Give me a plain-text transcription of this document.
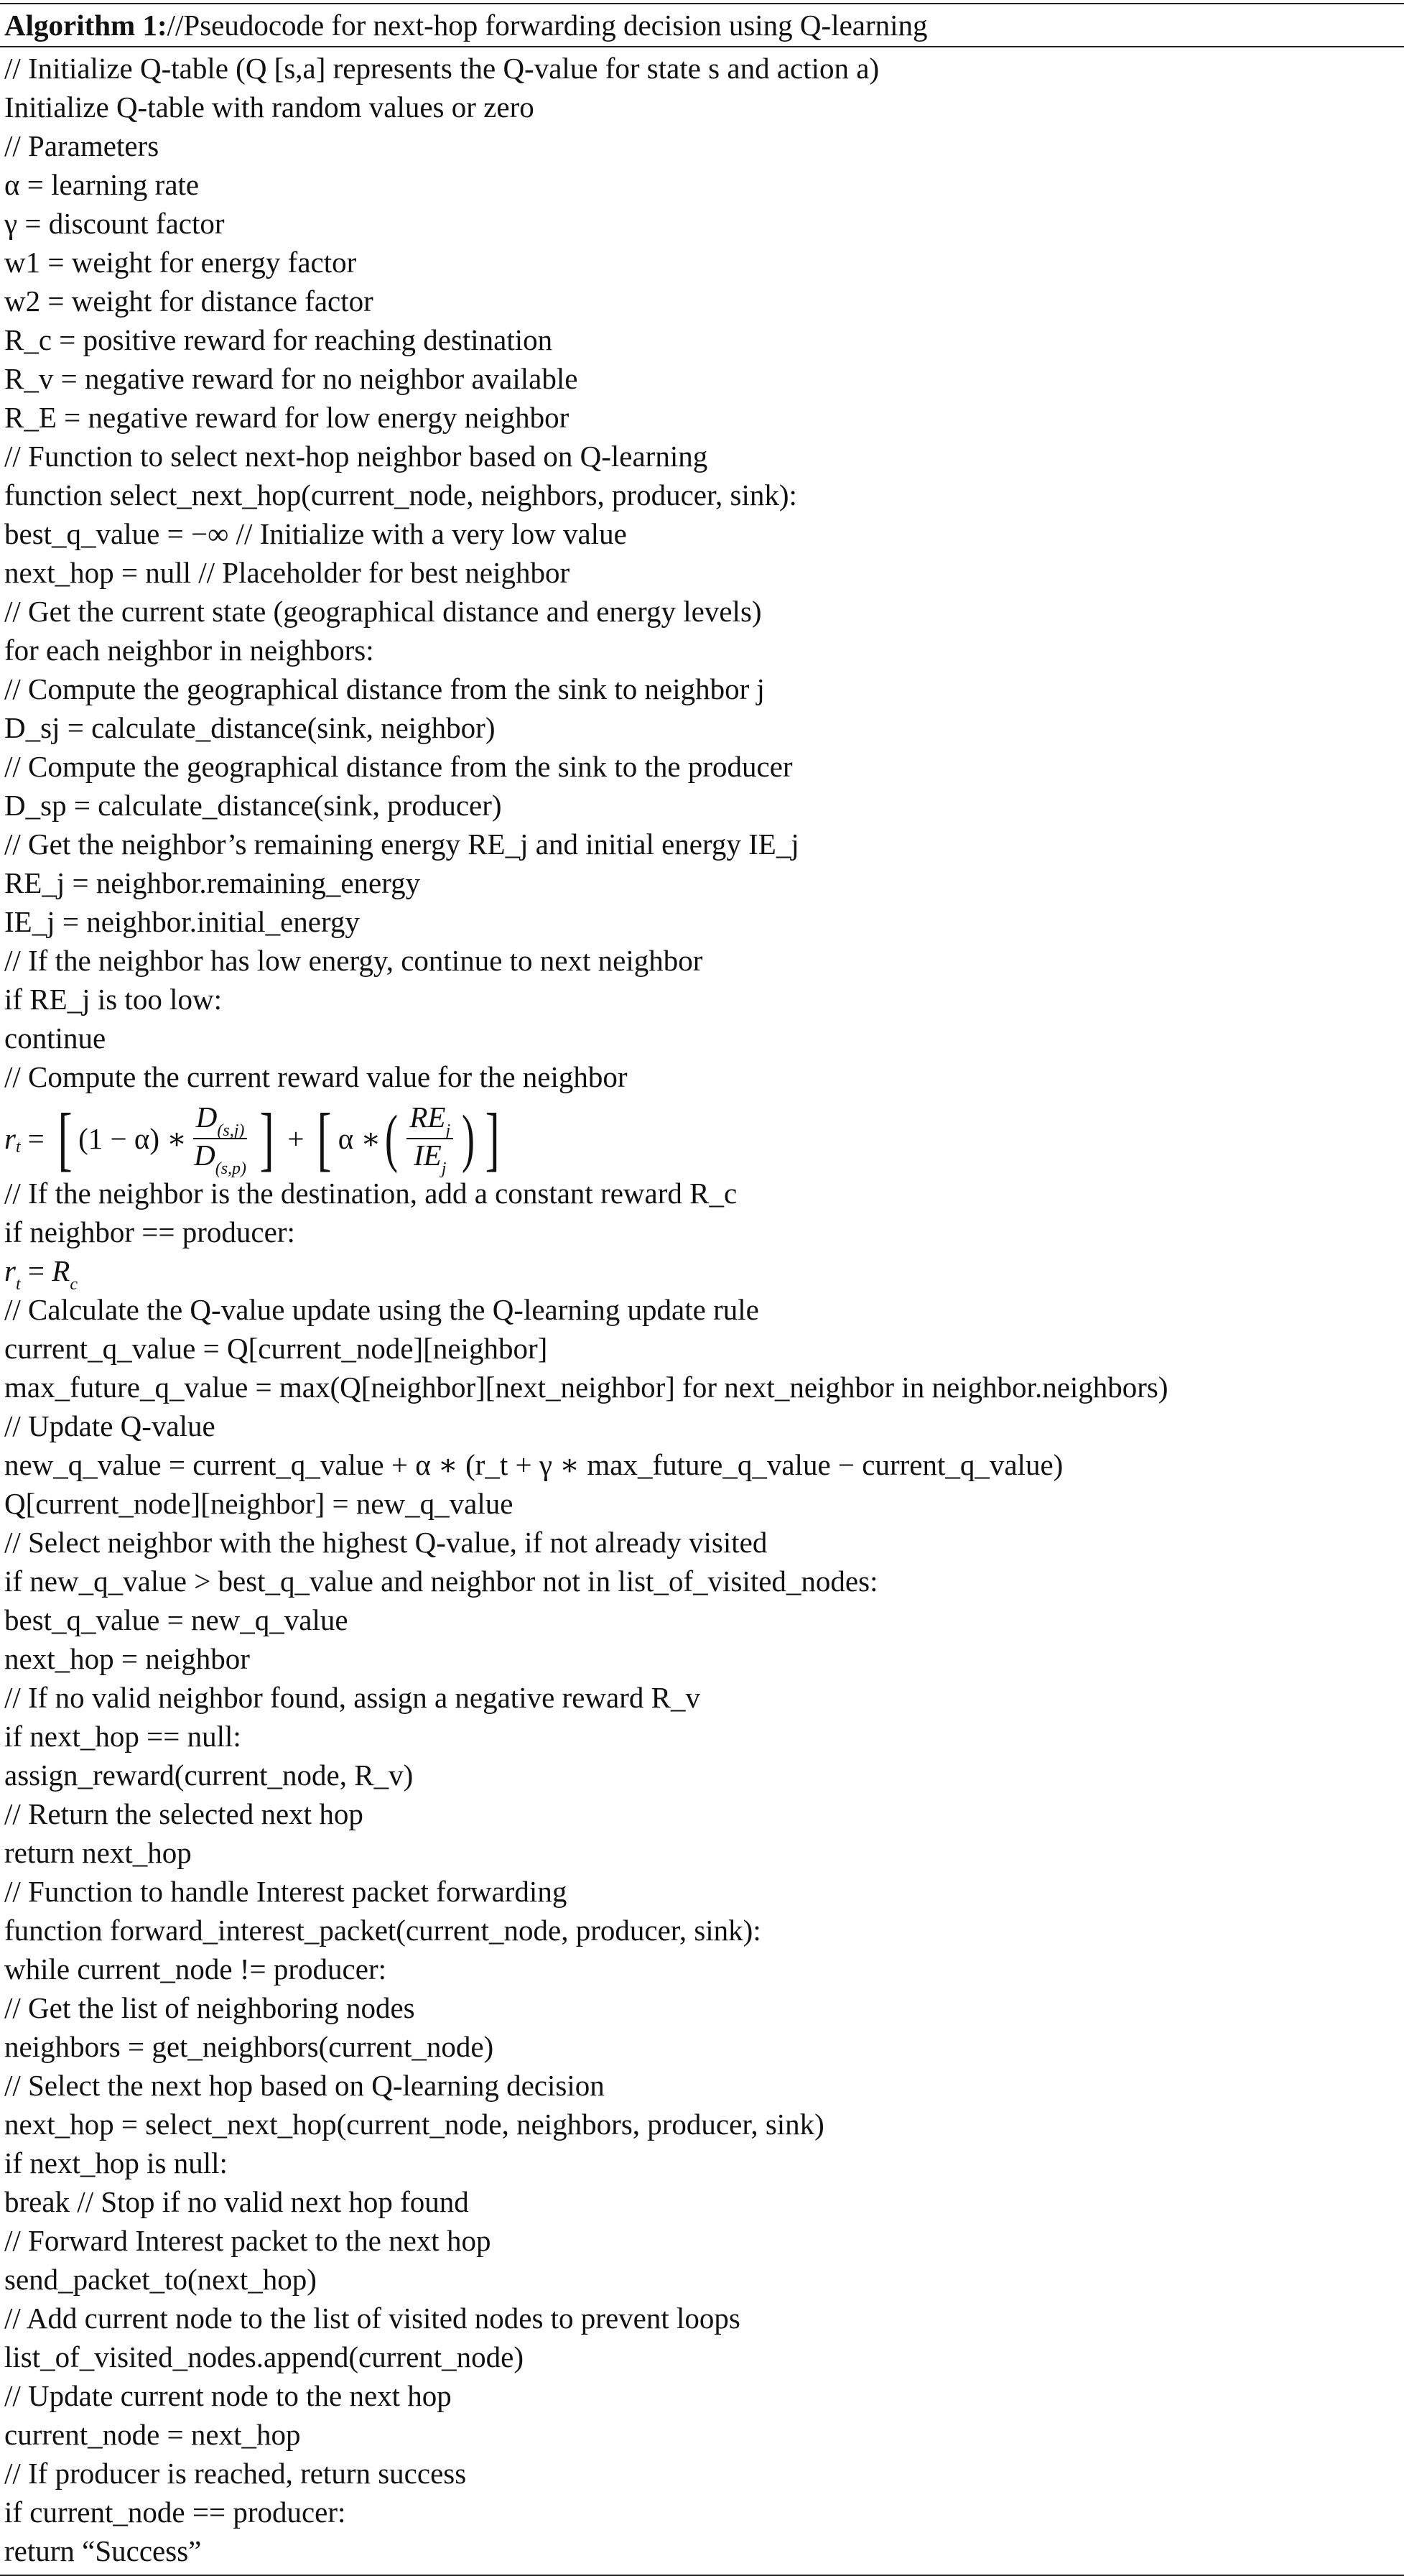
Algorithm 1://Pseudocode for next-hop forwarding decision using Q-learning
// Initialize Q-table (Q [s,a] represents the Q-value for state s and action a)
Initialize Q-table with random values or zero
// Parameters
α = learning rate
γ = discount factor
w1 = weight for energy factor
w2 = weight for distance factor
R_c = positive reward for reaching destination
R_v = negative reward for no neighbor available
R_E = negative reward for low energy neighbor
// Function to select next-hop neighbor based on Q-learning
function select_next_hop(current_node, neighbors, producer, sink):
best_q_value = −∞ // Initialize with a very low value
next_hop = null // Placeholder for best neighbor
// Get the current state (geographical distance and energy levels)
for each neighbor in neighbors:
// Compute the geographical distance from the sink to neighbor j
D_sj = calculate_distance(sink, neighbor)
// Compute the geographical distance from the sink to the producer
D_sp = calculate_distance(sink, producer)
// Get the neighbor’s remaining energy RE_j and initial energy IE_j
RE_j = neighbor.remaining_energy
IE_j = neighbor.initial_energy
// If the neighbor has low energy, continue to next neighbor
if RE_j is too low:
continue
// Compute the current reward value for the neighbor
r t = [ (1 − α) ∗ $\frac{D_{(s,j)}}{D_{(s,p)}}$ ] + [ α ∗ ( $\frac{RE_j}{IE_j}$ ) ]
// If the neighbor is the destination, add a constant reward R_c
if neighbor == producer:
$r_t = R_c$
// Calculate the Q-value update using the Q-learning update rule
current_q_value = Q[current_node][neighbor]
max_future_q_value = max(Q[neighbor][next_neighbor] for next_neighbor in neighbor.neighbors)
// Update Q-value
new_q_value = current_q_value + α ∗ (r_t + γ ∗ max_future_q_value − current_q_value)
Q[current_node][neighbor] = new_q_value
// Select neighbor with the highest Q-value, if not already visited
if new_q_value > best_q_value and neighbor not in list_of_visited_nodes:
best_q_value = new_q_value
next_hop = neighbor
// If no valid neighbor found, assign a negative reward R_v
if next_hop == null:
assign_reward(current_node, R_v)
// Return the selected next hop
return next_hop
// Function to handle Interest packet forwarding
function forward_interest_packet(current_node, producer, sink):
while current_node != producer:
// Get the list of neighboring nodes
neighbors = get_neighbors(current_node)
// Select the next hop based on Q-learning decision
next_hop = select_next_hop(current_node, neighbors, producer, sink)
if next_hop is null:
break // Stop if no valid next hop found
// Forward Interest packet to the next hop
send_packet_to(next_hop)
// Add current node to the list of visited nodes to prevent loops
list_of_visited_nodes.append(current_node)
// Update current node to the next hop
current_node = next_hop
// If producer is reached, return success
if current_node == producer:
return “Success”
